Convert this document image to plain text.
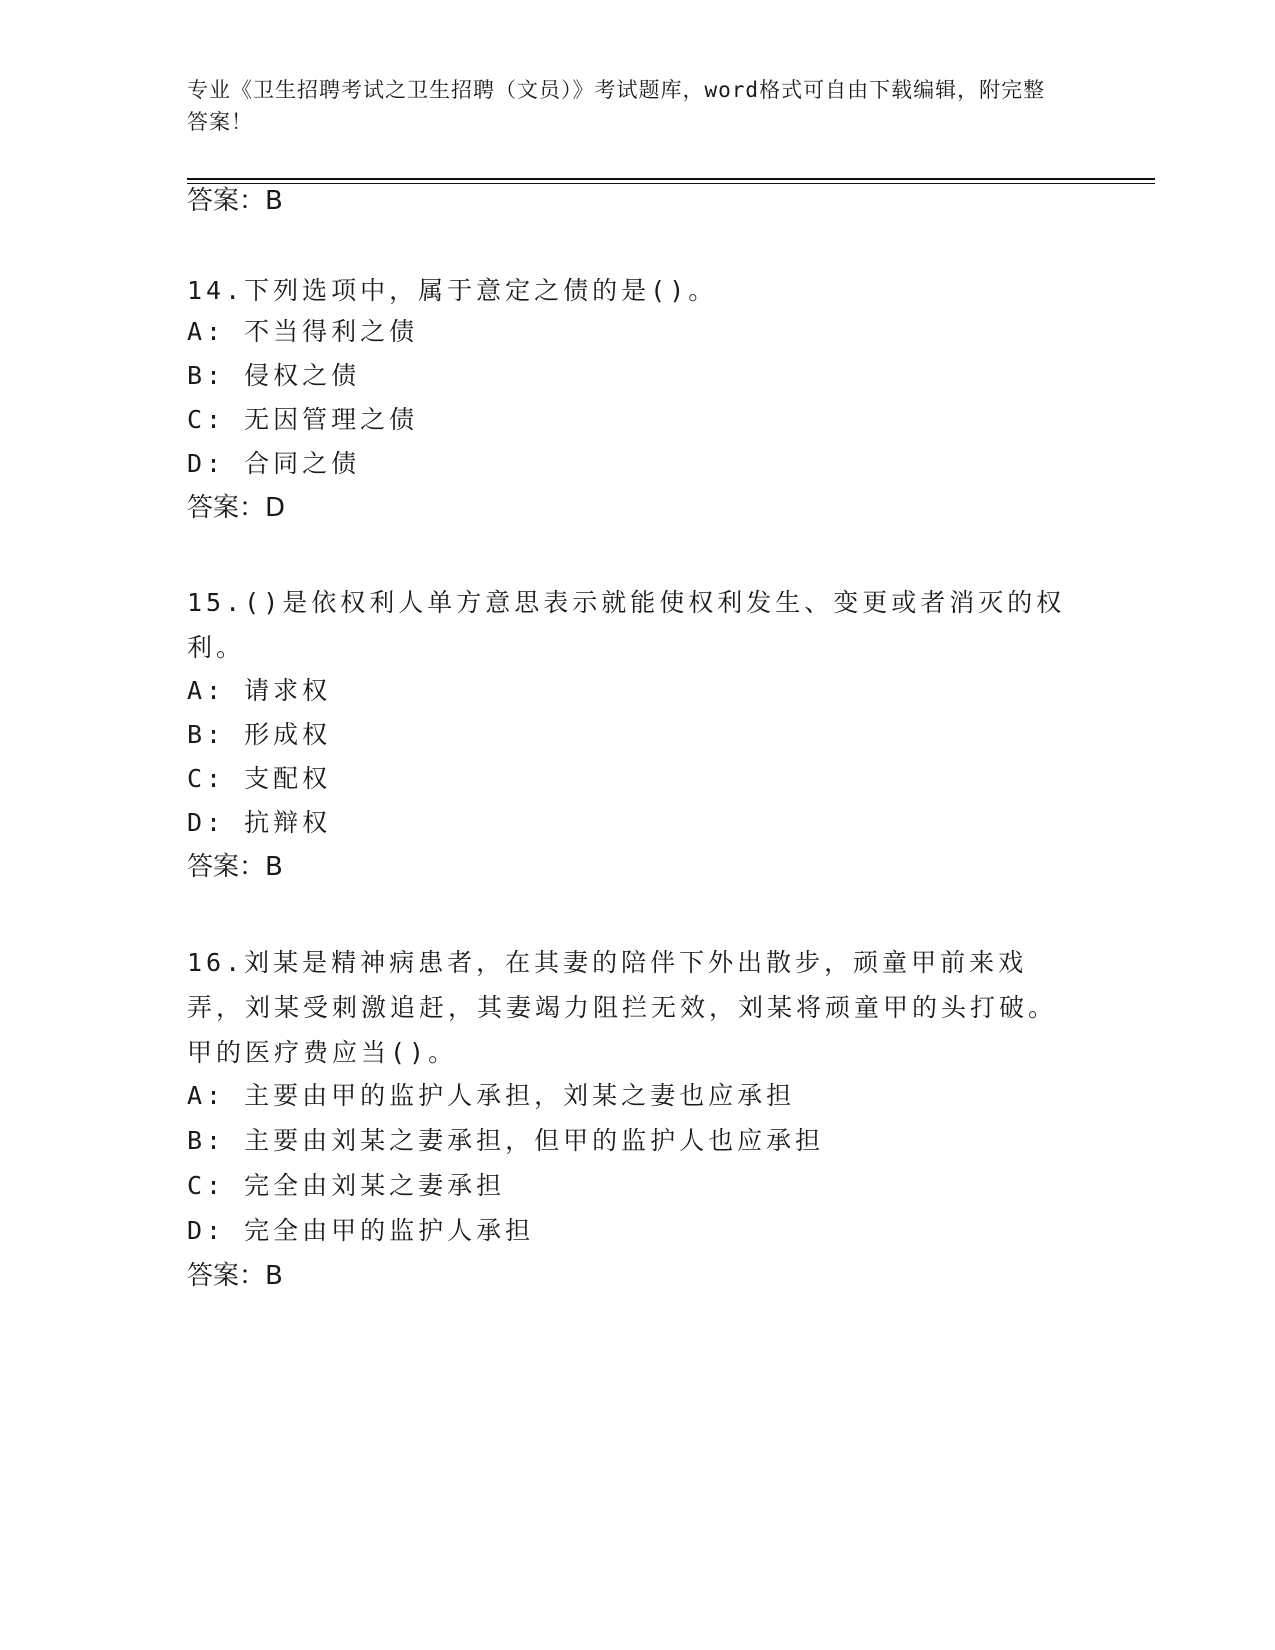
专业《卫生招聘考试之卫生招聘（文员）》考试题库，word格式可自由下载编辑，附完整答案！

答案：B

14.下列选项中，属于意定之债的是()。

A: 不当得利之债

B: 侵权之债

C: 无因管理之债

D: 合同之债

答案：D

15.()是依权利人单方意思表示就能使权利发生、变更或者消灭的权利。

A: 请求权

B: 形成权

C: 支配权

D: 抗辩权

答案：B

16.刘某是精神病患者，在其妻的陪伴下外出散步，顽童甲前来戏弄，刘某受刺激追赶，其妻竭力阻拦无效，刘某将顽童甲的头打破。甲的医疗费应当()。

A: 主要由甲的监护人承担，刘某之妻也应承担

B: 主要由刘某之妻承担，但甲的监护人也应承担

C: 完全由刘某之妻承担

D: 完全由甲的监护人承担

答案：B
